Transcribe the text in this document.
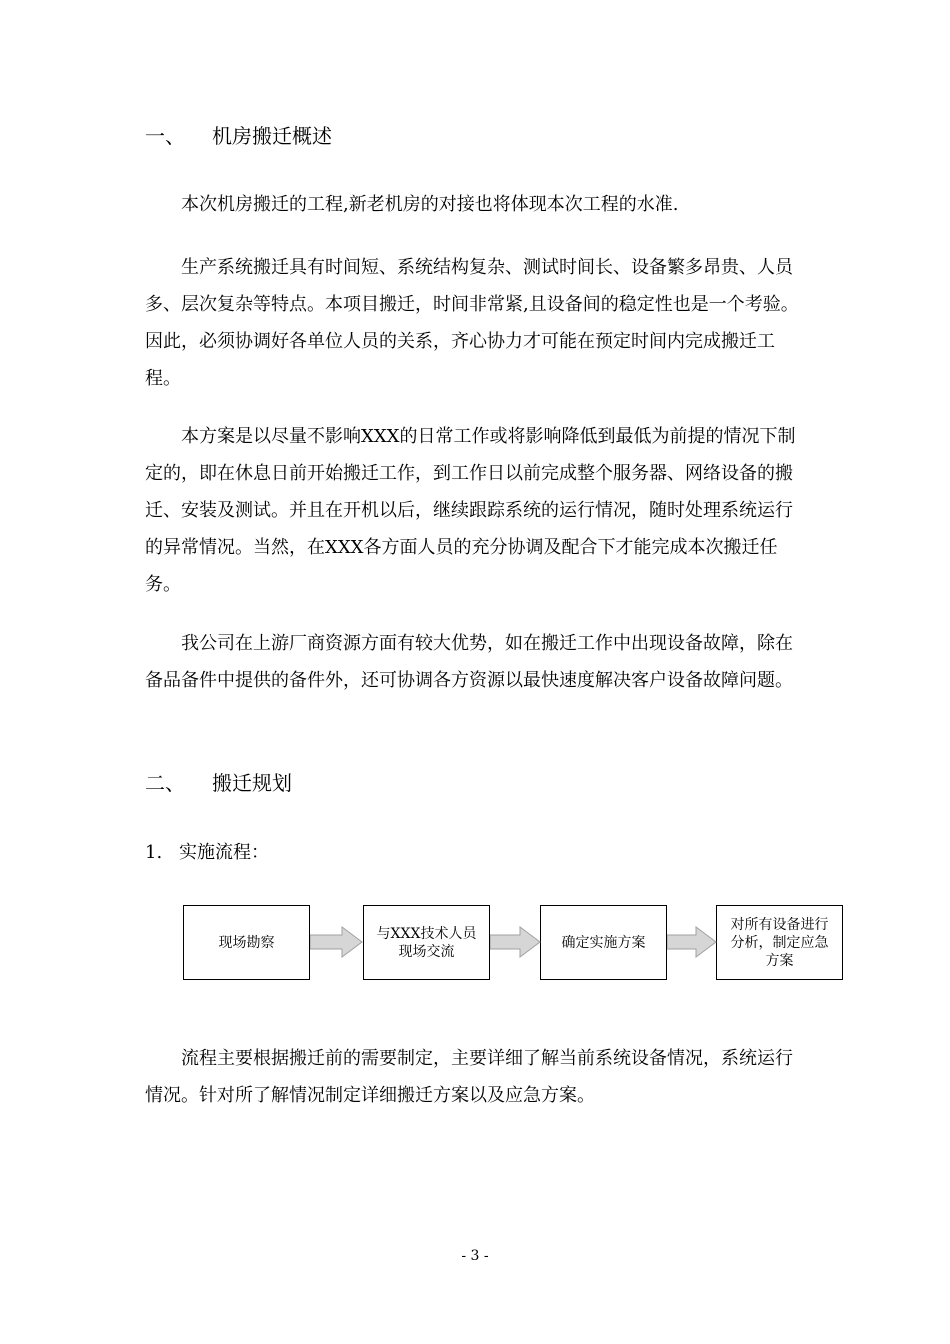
一、	机房搬迁概述

本次机房搬迁的工程,新老机房的对接也将体现本次工程的水准.

生产系统搬迁具有时间短、系统结构复杂、测试时间长、设备繁多昂贵、人员多、层次复杂等特点。本项目搬迁，时间非常紧,且设备间的稳定性也是一个考验。因此，必须协调好各单位人员的关系，齐心协力才可能在预定时间内完成搬迁工程。

本方案是以尽量不影响XXX的日常工作或将影响降低到最低为前提的情况下制定的，即在休息日前开始搬迁工作，到工作日以前完成整个服务器、网络设备的搬迁、安装及测试。并且在开机以后，继续跟踪系统的运行情况，随时处理系统运行的异常情况。当然，在XXX各方面人员的充分协调及配合下才能完成本次搬迁任务。

我公司在上游厂商资源方面有较大优势，如在搬迁工作中出现设备故障，除在备品备件中提供的备件外，还可协调各方资源以最快速度解决客户设备故障问题。

二、	搬迁规划
1. 实施流程：
现场勘察
与XXX技术人员
现场交流
确定实施方案
对所有设备进行
分析，制定应急
方案

流程主要根据搬迁前的需要制定，主要详细了解当前系统设备情况，系统运行情况。针对所了解情况制定详细搬迁方案以及应急方案。

- 3 -
